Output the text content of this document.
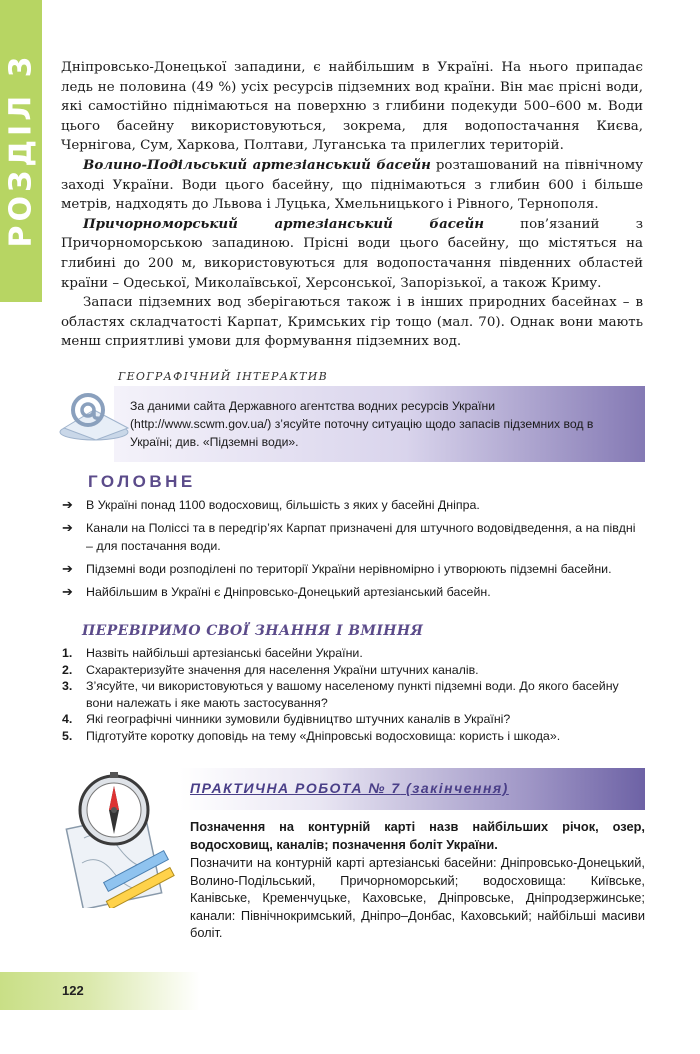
РОЗДІЛ 3 Дніпровсько-Донецької западини, є найбільшим в Україні. На нього припадає ледь не половина (49 %) усіх ресурсів підземних вод країни. Він має прісні води, які самостійно піднімаються на поверхню з глибини подекуди 500–600 м. Води цього басейну використовуються, зокрема, для водопостачання Києва, Чернігова, Сум, Харкова, Полтави, Луганська та прилеглих територій.

Волино-Подільський артезіанський басейн розташований на північному заході України. Води цього басейну, що піднімаються з глибин 600 і більше метрів, надходять до Львова і Луцька, Хмельницького і Рівного, Тернополя.

Причорноморський артезіанський басейн пов’язаний з Причорноморською западиною. Прісні води цього басейну, що містяться на глибині до 200 м, використовуються для водопостачання південних областей країни – Одеської, Миколаївської, Херсонської, Запорізької, а також Криму.

Запаси підземних вод зберігаються також і в інших природних басейнах – в областях складчатості Карпат, Кримських гір тощо (мал. 70). Однак вони мають менш сприятливі умови для формування підземних вод.

ГЕОГРАФІЧНИЙ ІНТЕРАКТИВ
За даними сайта Державного агентства водних ресурсів України (http://www.scwm.gov.ua/) з’ясуйте поточну ситуацію щодо запасів підземних вод в Україні; див. «Підземні води».
ГОЛОВНЕ
➔ В Україні понад 1100 водосховищ, більшість з яких у басейні Дніпра.
➔ Канали на Поліссі та в передгір’ях Карпат призначені для штучного водовідведення, а на півдні – для постачання води.
➔ Підземні води розподілені по території України нерівномірно і утворюють підземні басейни.
➔ Найбільшим в Україні є Дніпровсько-Донецький артезіанський басейн.
ПЕРЕВІРИМО СВОЇ ЗНАННЯ І ВМІННЯ
1. Назвіть найбільші артезіанські басейни України.
2. Схарактеризуйте значення для населення України штучних каналів.
3. З’ясуйте, чи використовуються у вашому населеному пункті підземні води. До якого басейну вони належать і яке мають застосування?
4. Які географічні чинники зумовили будівництво штучних каналів в Україні?
5. Підготуйте коротку доповідь на тему «Дніпровські водосховища: користь і шкода».
ПРАКТИЧНА РОБОТА № 7 (закінчення)
Позначення на контурній карті назв найбільших річок, озер, водосховищ, каналів; позначення боліт України.
Позначити на контурній карті артезіанські басейни: Дніпровсько-Донецький, Волино-Подільський, Причорноморський; водосховища: Київське, Канівське, Кременчуцьке, Каховське, Дніпровське, Дніпродзержинське; канали: Північнокримський, Дніпро–Донбас, Каховський; найбільші масиви боліт.
122
